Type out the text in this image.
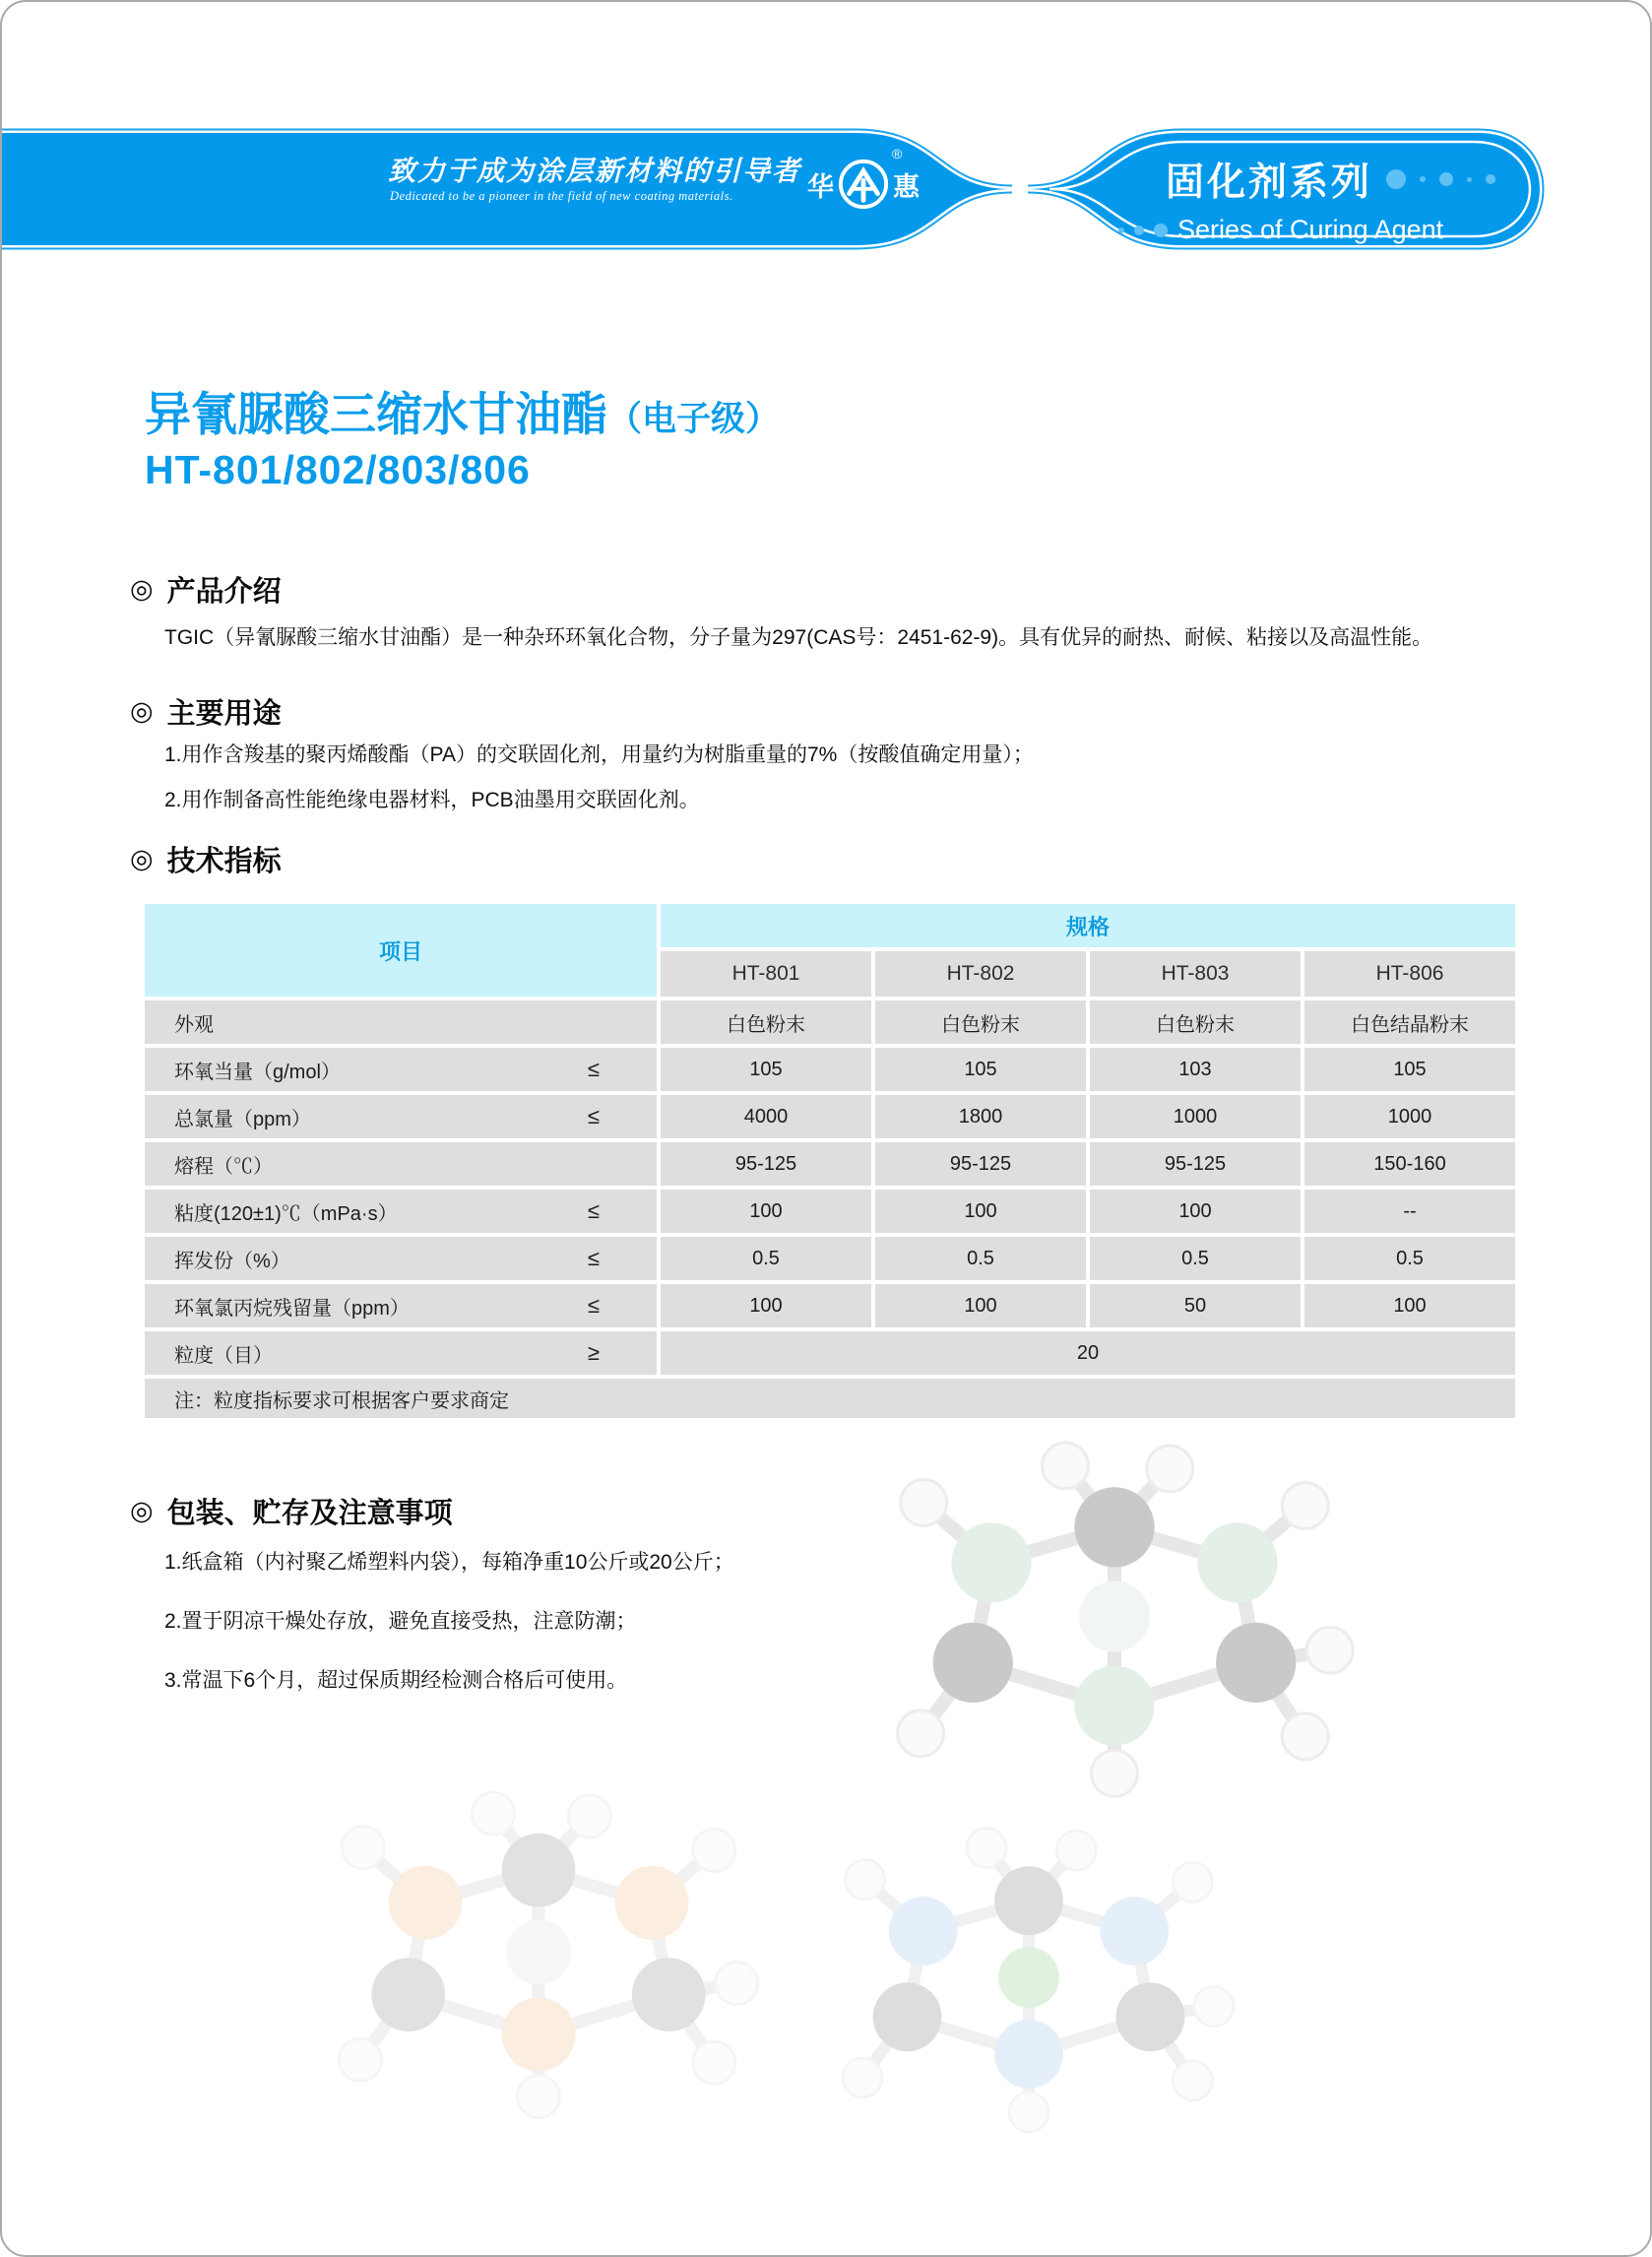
致力于成为涂层新材料的引导者
Dedicated to be a pioneer in the field of new coating materials.	华 惠
®
固化剂系列
Series of Curing Agent
异氰脲酸三缩水甘油酯（电子级）
HT-801/802/803/806
◎ 产品介绍
TGIC（异氰脲酸三缩水甘油酯）是一种杂环环氧化合物，分子量为297(CAS号：2451-62-9)。具有优异的耐热、耐候、粘接以及高温性能。
◎ 主要用途
1.用作含羧基的聚丙烯酸酯（PA）的交联固化剂，用量约为树脂重量的7%（按酸值确定用量）；
2.用作制备高性能绝缘电器材料，PCB油墨用交联固化剂。
◎ 技术指标
项目
规格
HT-801	HT-802	HT-803	HT-806
外观	白色粉末	白色粉末	白色粉末	白色结晶粉末
环氧当量（g/mol）	≤	105	105	103	105
总氯量（ppm）	≤	4000	1800	1000	1000
熔程（℃）	95-125	95-125	95-125	150-160
粘度(120±1)℃（mPa·s）	≤	100	100	100	--
挥发份（%）	≤	0.5	0.5	0.5	0.5
环氧氯丙烷残留量（ppm）	≤	100	100	50	100
粒度（目）	≥	20
注：粒度指标要求可根据客户要求商定
◎ 包装、贮存及注意事项
1.纸盒箱（内衬聚乙烯塑料内袋），每箱净重10公斤或20公斤；
2.置于阴凉干燥处存放，避免直接受热，注意防潮；
3.常温下6个月，超过保质期经检测合格后可使用。
